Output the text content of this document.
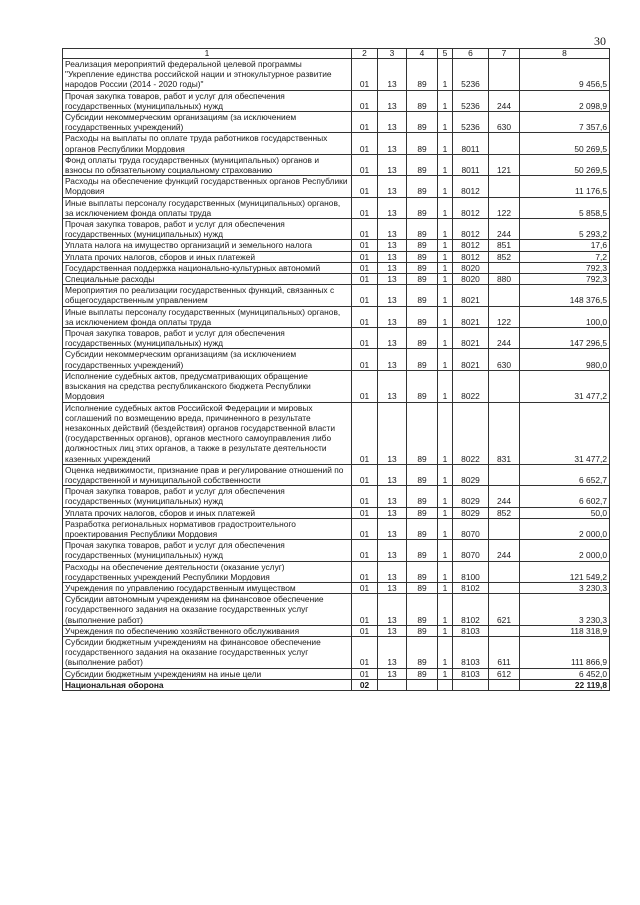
30
1	2	3	4	5	6	7	8
Реализация мероприятий федеральной целевой программы "Укрепление единства российской нации и этнокультурное развитие народов России (2014 - 2020 годы)"	01	13	89	1	5236		9 456,5
Прочая закупка товаров, работ и услуг для обеспечения государственных (муниципальных) нужд	01	13	89	1	5236	244	2 098,9
Субсидии некоммерческим организациям (за исключением государственных учреждений)	01	13	89	1	5236	630	7 357,6
Расходы на выплаты по оплате труда работников государственных органов Республики Мордовия	01	13	89	1	8011		50 269,5
Фонд оплаты труда государственных (муниципальных) органов и взносы по обязательному социальному страхованию	01	13	89	1	8011	121	50 269,5
Расходы на обеспечение функций государственных органов Республики Мордовия	01	13	89	1	8012		11 176,5
Иные выплаты персоналу государственных (муниципальных) органов, за исключением фонда оплаты труда	01	13	89	1	8012	122	5 858,5
Прочая закупка товаров, работ и услуг для обеспечения государственных (муниципальных) нужд	01	13	89	1	8012	244	5 293,2
Уплата налога на имущество организаций и земельного налога	01	13	89	1	8012	851	17,6
Уплата прочих налогов, сборов и иных платежей	01	13	89	1	8012	852	7,2
Государственная поддержка национально-культурных автономий	01	13	89	1	8020		792,3
Специальные расходы	01	13	89	1	8020	880	792,3
Мероприятия по реализации государственных функций, связанных с общегосударственным управлением	01	13	89	1	8021		148 376,5
Иные выплаты персоналу государственных (муниципальных) органов, за исключением фонда оплаты труда	01	13	89	1	8021	122	100,0
Прочая закупка товаров, работ и услуг для обеспечения государственных (муниципальных) нужд	01	13	89	1	8021	244	147 296,5
Субсидии некоммерческим организациям (за исключением государственных учреждений)	01	13	89	1	8021	630	980,0
Исполнение судебных актов, предусматривающих обращение взыскания на средства республиканского бюджета Республики Мордовия	01	13	89	1	8022		31 477,2
Исполнение судебных актов Российской Федерации и мировых соглашений по возмещению вреда, причиненного в результате незаконных действий (бездействия) органов государственной власти (государственных органов), органов местного самоуправления либо должностных лиц этих органов, а также в результате деятельности казенных учреждений	01	13	89	1	8022	831	31 477,2
Оценка недвижимости, признание прав и регулирование отношений по государственной и муниципальной собственности	01	13	89	1	8029		6 652,7
Прочая закупка товаров, работ и услуг для обеспечения государственных (муниципальных) нужд	01	13	89	1	8029	244	6 602,7
Уплата прочих налогов, сборов и иных платежей	01	13	89	1	8029	852	50,0
Разработка региональных нормативов градостроительного проектирования Республики Мордовия	01	13	89	1	8070		2 000,0
Прочая закупка товаров, работ и услуг для обеспечения государственных (муниципальных) нужд	01	13	89	1	8070	244	2 000,0
Расходы на обеспечение деятельности (оказание услуг) государственных учреждений Республики Мордовия	01	13	89	1	8100		121 549,2
Учреждения по управлению государственным имуществом	01	13	89	1	8102		3 230,3
Субсидии автономным учреждениям на финансовое обеспечение государственного задания на оказание государственных услуг (выполнение работ)	01	13	89	1	8102	621	3 230,3
Учреждения по обеспечению хозяйственного обслуживания	01	13	89	1	8103		118 318,9
Субсидии бюджетным учреждениям на финансовое обеспечение государственного задания на оказание государственных услуг (выполнение работ)	01	13	89	1	8103	611	111 866,9
Субсидии бюджетным учреждениям на иные цели	01	13	89	1	8103	612	6 452,0
Национальная оборона	02						22 119,8
